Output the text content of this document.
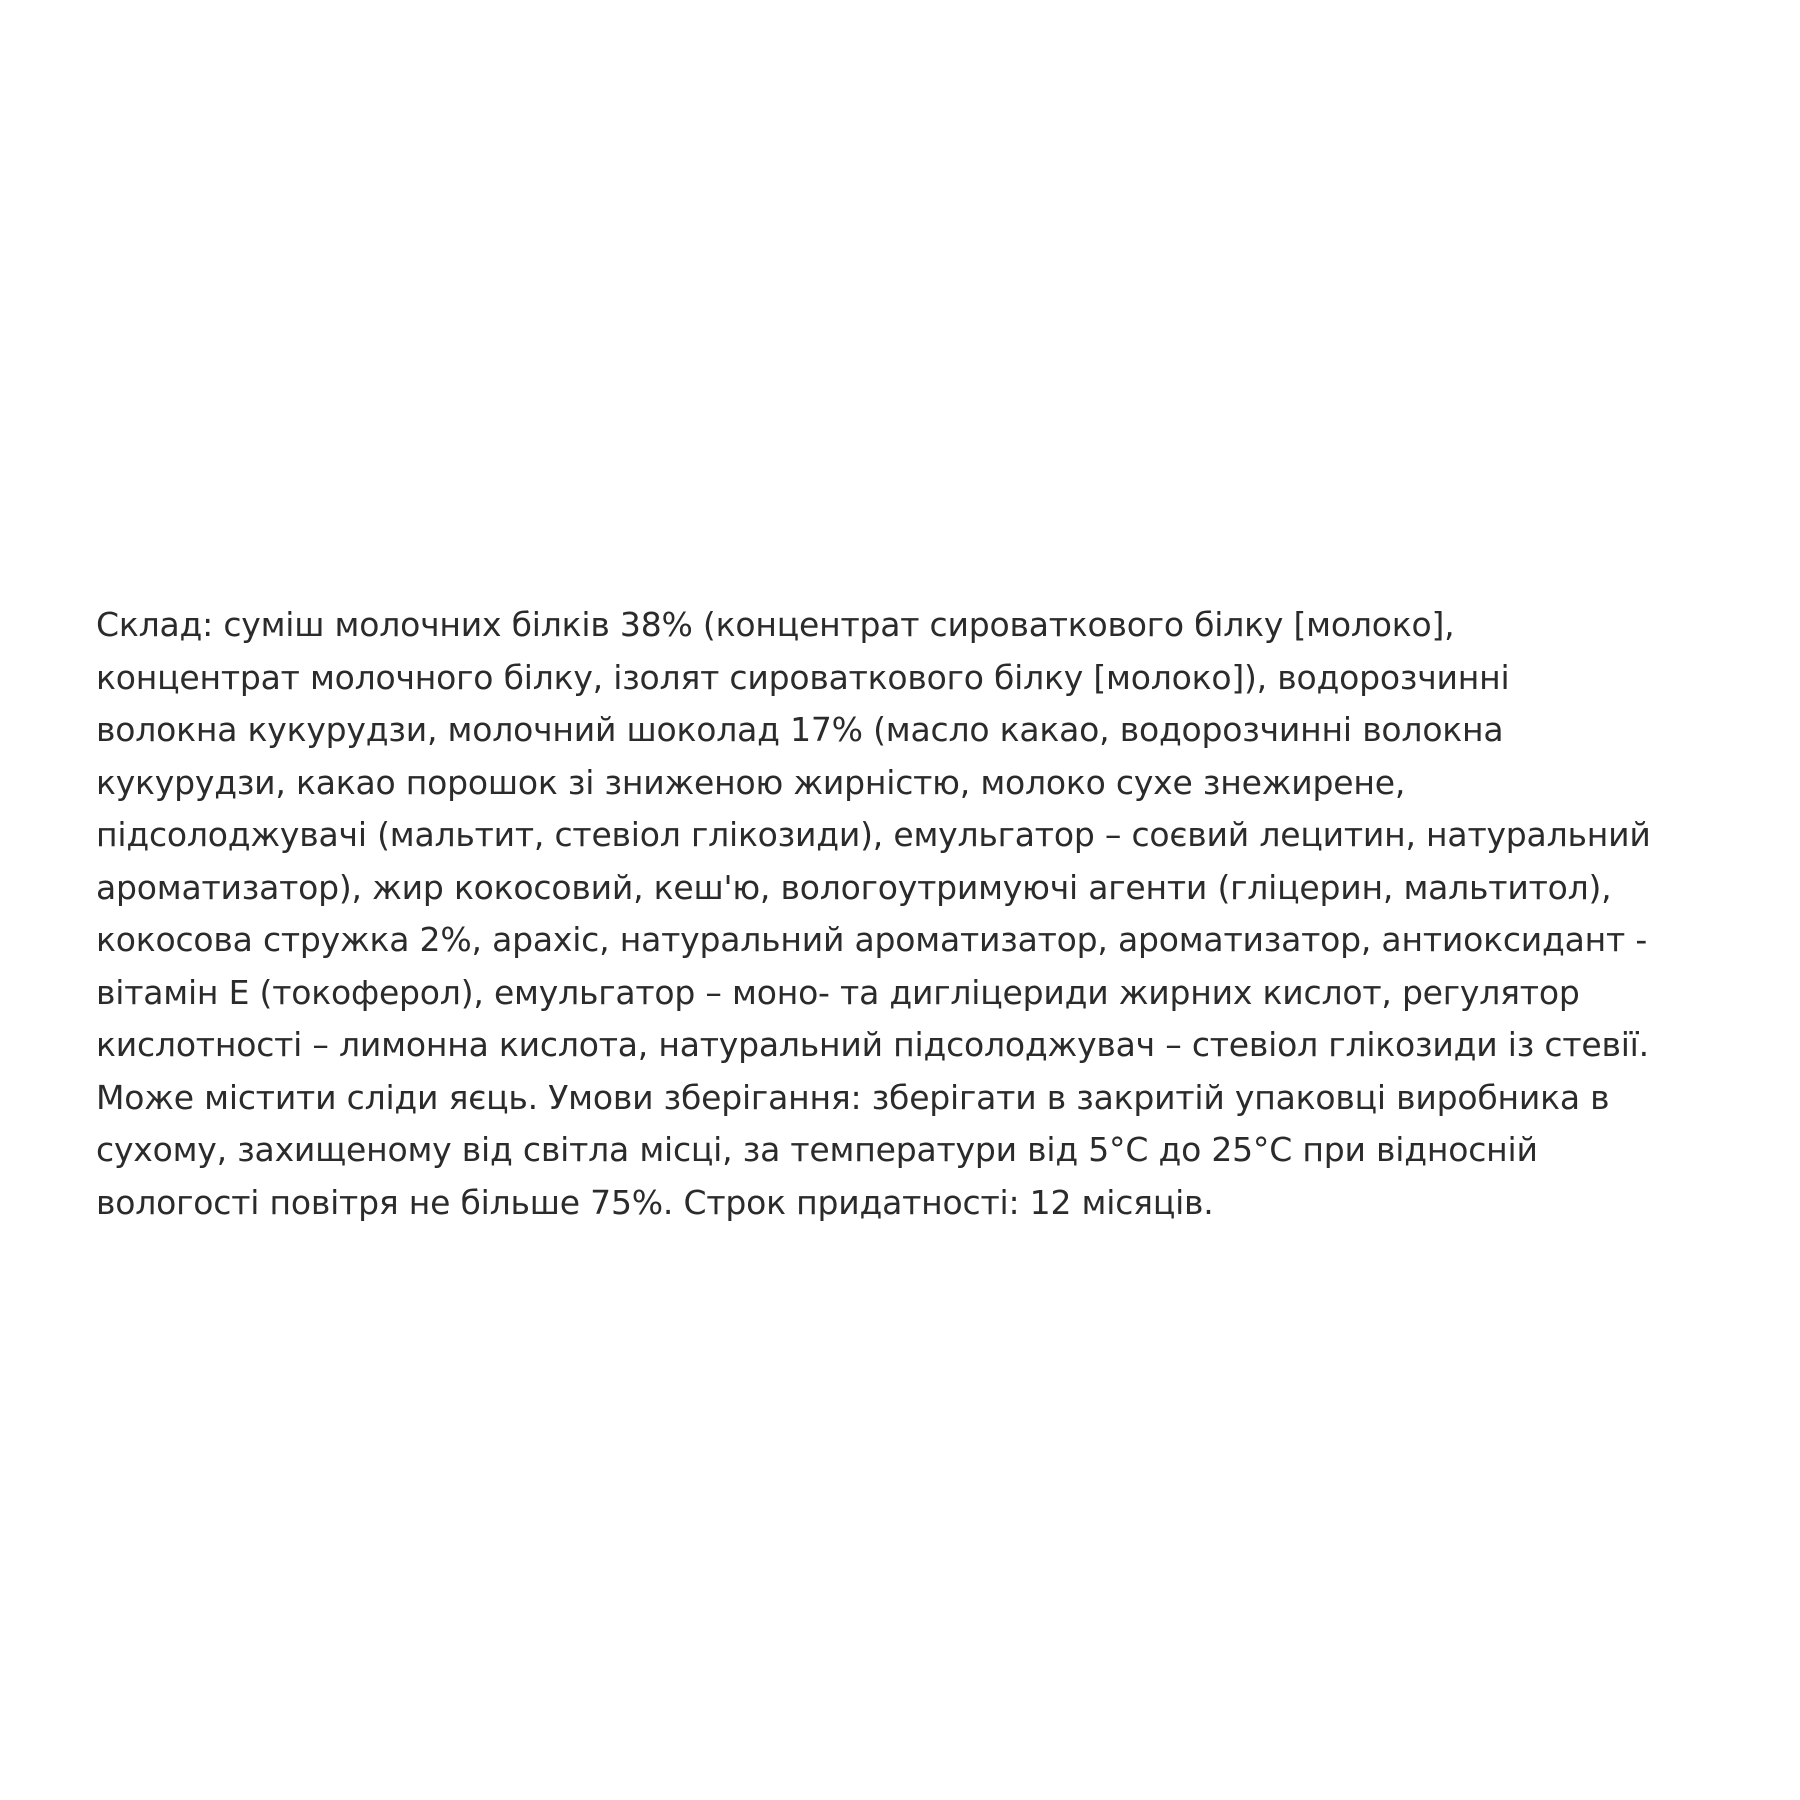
Склад: суміш молочних білків 38% (концентрат сироваткового білку [молоко],
концентрат молочного білку, ізолят сироваткового білку [молоко]), водорозчинні
волокна кукурудзи, молочний шоколад 17% (масло какао, водорозчинні волокна
кукурудзи, какао порошок зі зниженою жирністю, молоко сухе знежирене,
підсолоджувачі (мальтит, стевіол глікозиди), емульгатор – соєвий лецитин, натуральний
ароматизатор), жир кокосовий, кеш'ю, вологоутримуючі агенти (гліцерин, мальтитол),
кокосова стружка 2%, арахіс, натуральний ароматизатор, ароматизатор, антиоксидант -
вітамін Е (токоферол), емульгатор – моно- та дигліцериди жирних кислот, регулятор
кислотності – лимонна кислота, натуральний підсолоджувач – стевіол глікозиди із стевії.
Може містити сліди яєць. Умови зберігання: зберігати в закритій упаковці виробника в
сухому, захищеному від світла місці, за температури від 5°С до 25°С при відносній
вологості повітря не більше 75%. Строк придатності: 12 місяців.
